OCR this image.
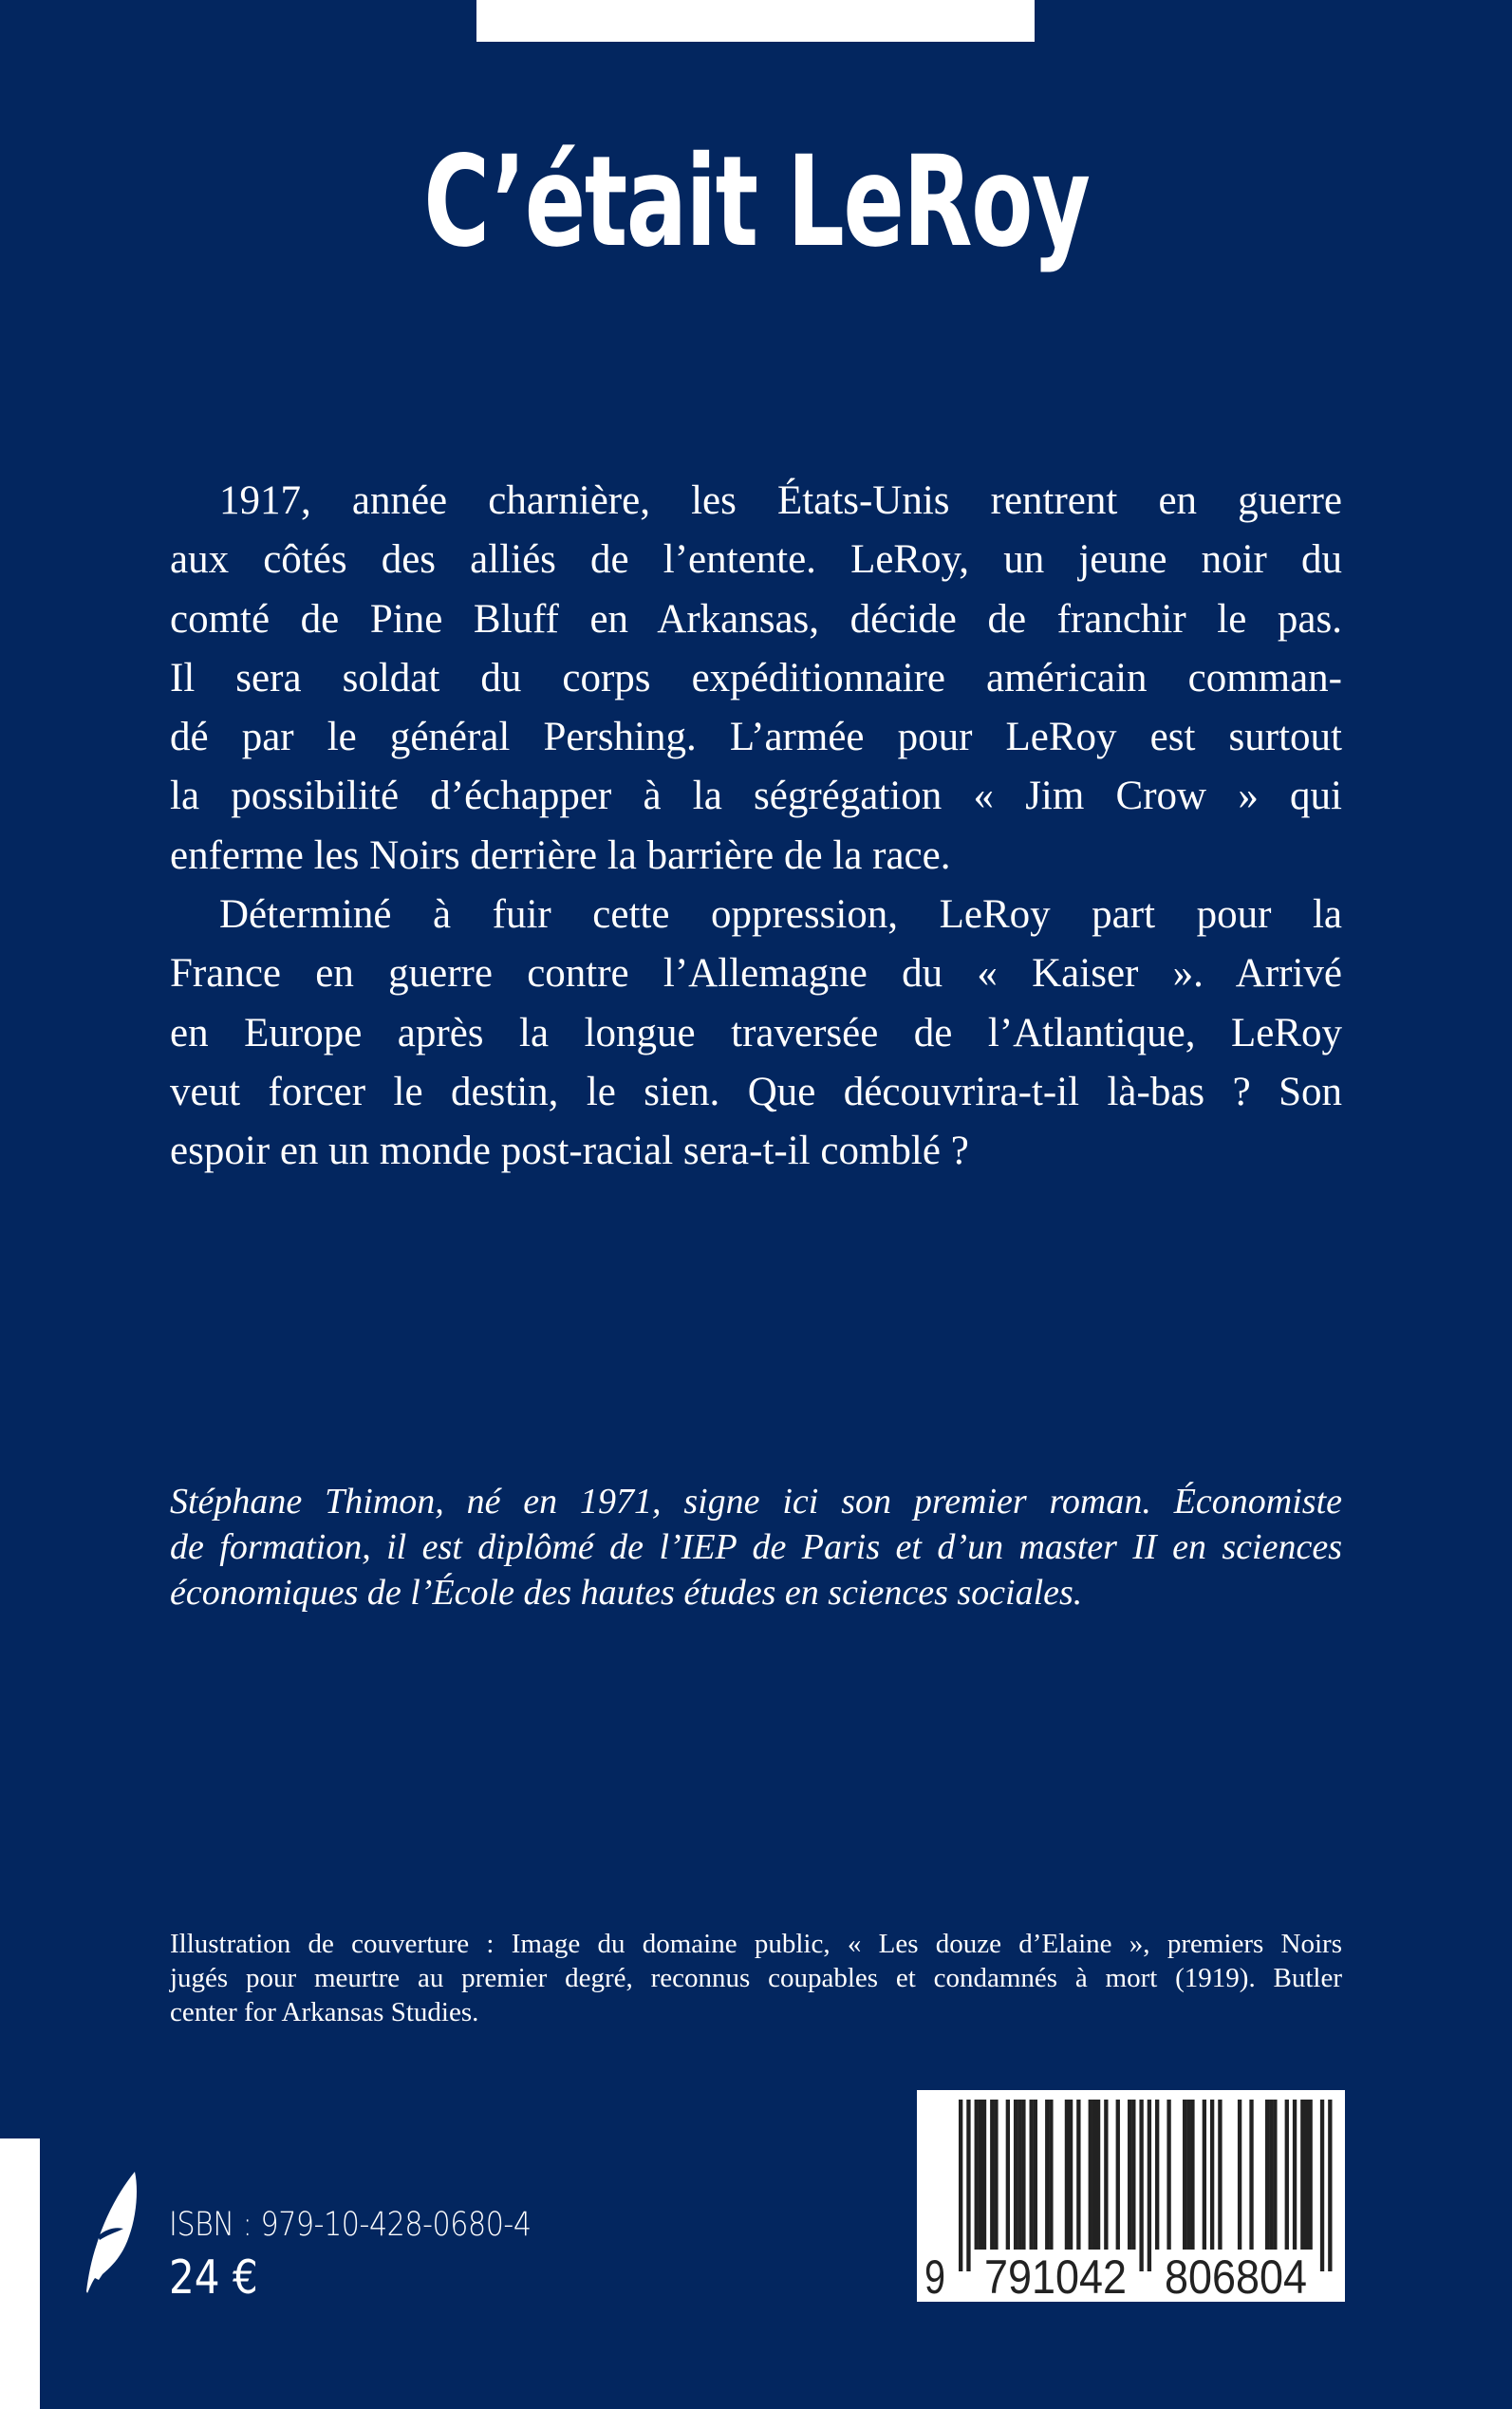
C’était LeRoy
1917, année charnière, les États-Unis rentrent en guerre
aux côtés des alliés de l’entente. LeRoy, un jeune noir du
comté de Pine Bluff en Arkansas, décide de franchir le pas.
Il sera soldat du corps expéditionnaire américain comman-
dé par le général Pershing. L’armée pour LeRoy est surtout
la possibilité d’échapper à la ségrégation « Jim Crow » qui
enferme les Noirs derrière la barrière de la race.
Déterminé à fuir cette oppression, LeRoy part pour la
France en guerre contre l’Allemagne du « Kaiser ». Arrivé
en Europe après la longue traversée de l’Atlantique, LeRoy
veut forcer le destin, le sien. Que découvrira-t-il là-bas ? Son
espoir en un monde post-racial sera-t-il comblé ?
Stéphane Thimon, né en 1971, signe ici son premier roman. Économiste
de formation, il est diplômé de l’IEP de Paris et d’un master II en sciences
économiques de l’École des hautes études en sciences sociales.
Illustration de couverture : Image du domaine public, « Les douze d’Elaine », premiers Noirs
jugés pour meurtre au premier degré, reconnus coupables et condamnés à mort (1919). Butler
center for Arkansas Studies.
ISBN : 979-10-428-0680-4
24 €	9 791042 806804
